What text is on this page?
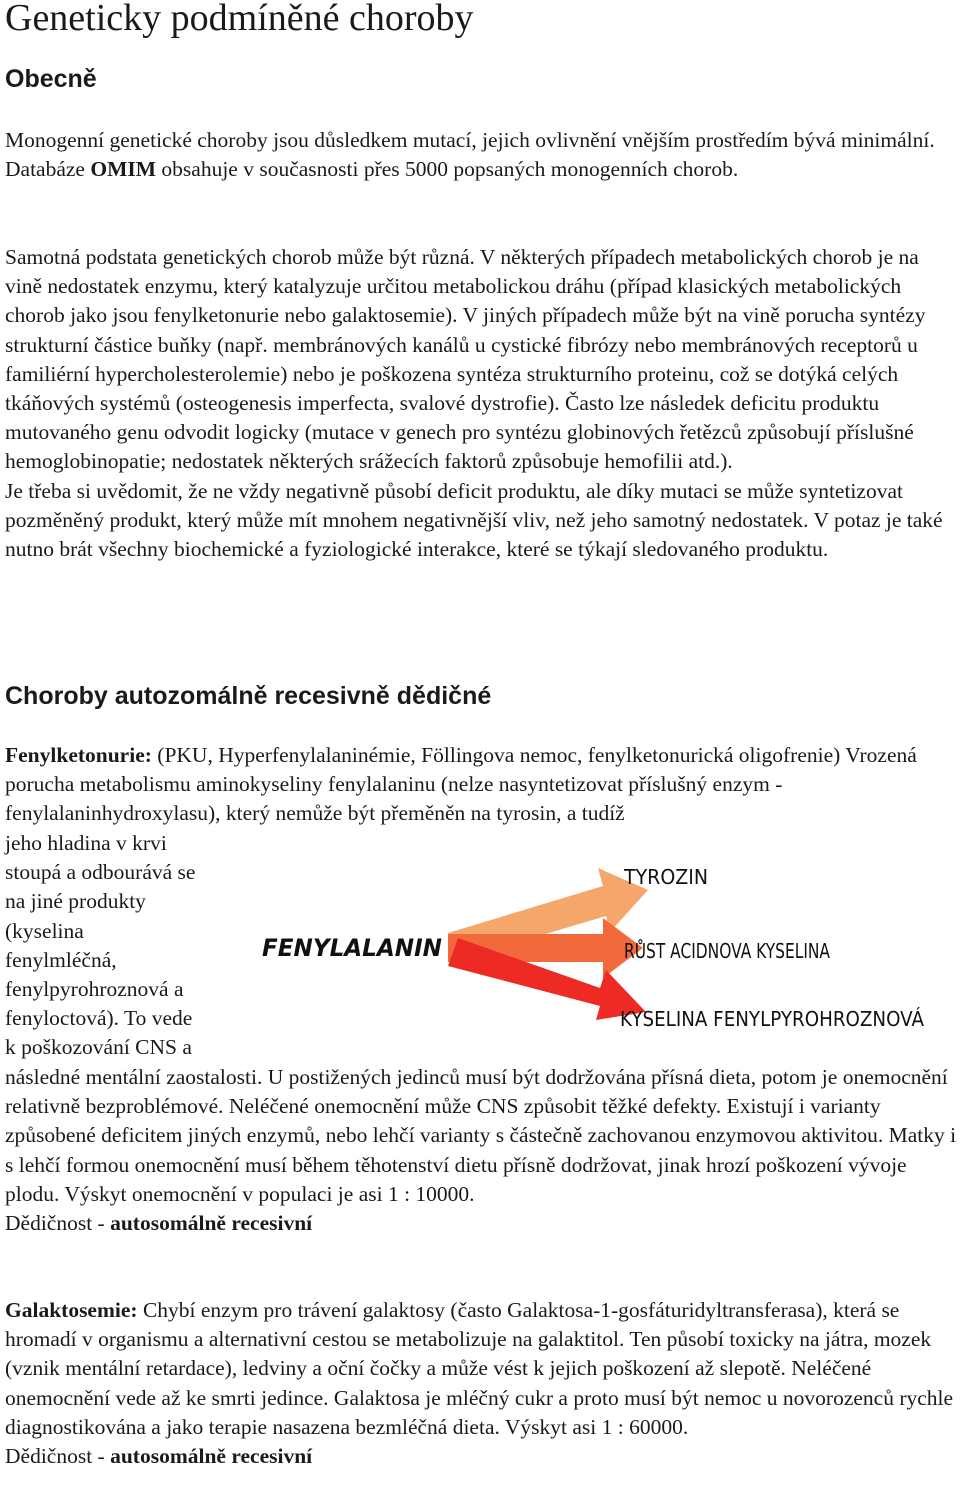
Geneticky podmíněné choroby
Obecně
Monogenní genetické choroby jsou důsledkem mutací, jejich ovlivnění vnějším prostředím bývá minimální. Databáze OMIM obsahuje v současnosti přes 5000 popsaných monogenních chorob.

Samotná podstata genetických chorob může být různá. V některých případech metabolických chorob je na vině nedostatek enzymu, který katalyzuje určitou metabolickou dráhu (případ klasických metabolických chorob jako jsou fenylketonurie nebo galaktosemie). V jiných případech může být na vině porucha syntézy strukturní částice buňky (např. membránových kanálů u cystické fibrózy nebo membránových receptorů u familiérní hypercholesterolemie) nebo je poškozena syntéza strukturního proteinu, což se dotýká celých tkáňových systémů (osteogenesis imperfecta, svalové dystrofie). Často lze následek deficitu produktu mutovaného genu odvodit logicky (mutace v genech pro syntézu globinových řetězců způsobují příslušné hemoglobinopatie; nedostatek některých srážecích faktorů způsobuje hemofilii atd.).

Je třeba si uvědomit, že ne vždy negativně působí deficit produktu, ale díky mutaci se může syntetizovat pozměněný produkt, který může mít mnohem negativnější vliv, než jeho samotný nedostatek. V potaz je také nutno brát všechny biochemické a fyziologické interakce, které se týkají sledovaného produktu.

Choroby autozomálně recesivně dědičné
Fenylketonurie: (PKU, Hyperfenylalaninémie, Föllingova nemoc, fenylketonurická oligofrenie) Vrozená porucha metabolismu aminokyseliny fenylalaninu (nelze nasyntetizovat příslušný enzym - fenylalaninhydroxylasu), který nemůže být přeměněn na tyrosin, a tudíž
jeho hladina v krvi
stoupá a odbourává se
na jiné produkty
(kyselina
fenylmléčná,
fenylpyrohroznová a
fenyloctová). To vede
k poškozování CNS a
FENYLALANIN
TYROZIN
RŮST ACIDNOVA KYSELINA
KYSELINA FENYLPYROHROZNOVÁ

následné mentální zaostalosti. U postižených jedinců musí být dodržována přísná dieta, potom je onemocnění relativně bezproblémové. Neléčené onemocnění může CNS způsobit těžké defekty. Existují i varianty způsobené deficitem jiných enzymů, nebo lehčí varianty s částečně zachovanou enzymovou aktivitou. Matky i s lehčí formou onemocnění musí během těhotenství dietu přísně dodržovat, jinak hrozí poškození vývoje plodu. Výskyt onemocnění v populaci je asi 1 : 10000.

Dědičnost - autosomálně recesivní

Galaktosemie: Chybí enzym pro trávení galaktosy (často Galaktosa-1-gosfáturidyltransferasa), která se hromadí v organismu a alternativní cestou se metabolizuje na galaktitol. Ten působí toxicky na játra, mozek (vznik mentální retardace), ledviny a oční čočky a může vést k jejich poškození až slepotě. Neléčené onemocnění vede až ke smrti jedince. Galaktosa je mléčný cukr a proto musí být nemoc u novorozenců rychle diagnostikována a jako terapie nasazena bezmléčná dieta. Výskyt asi 1 : 60000.

Dědičnost - autosomálně recesivní
